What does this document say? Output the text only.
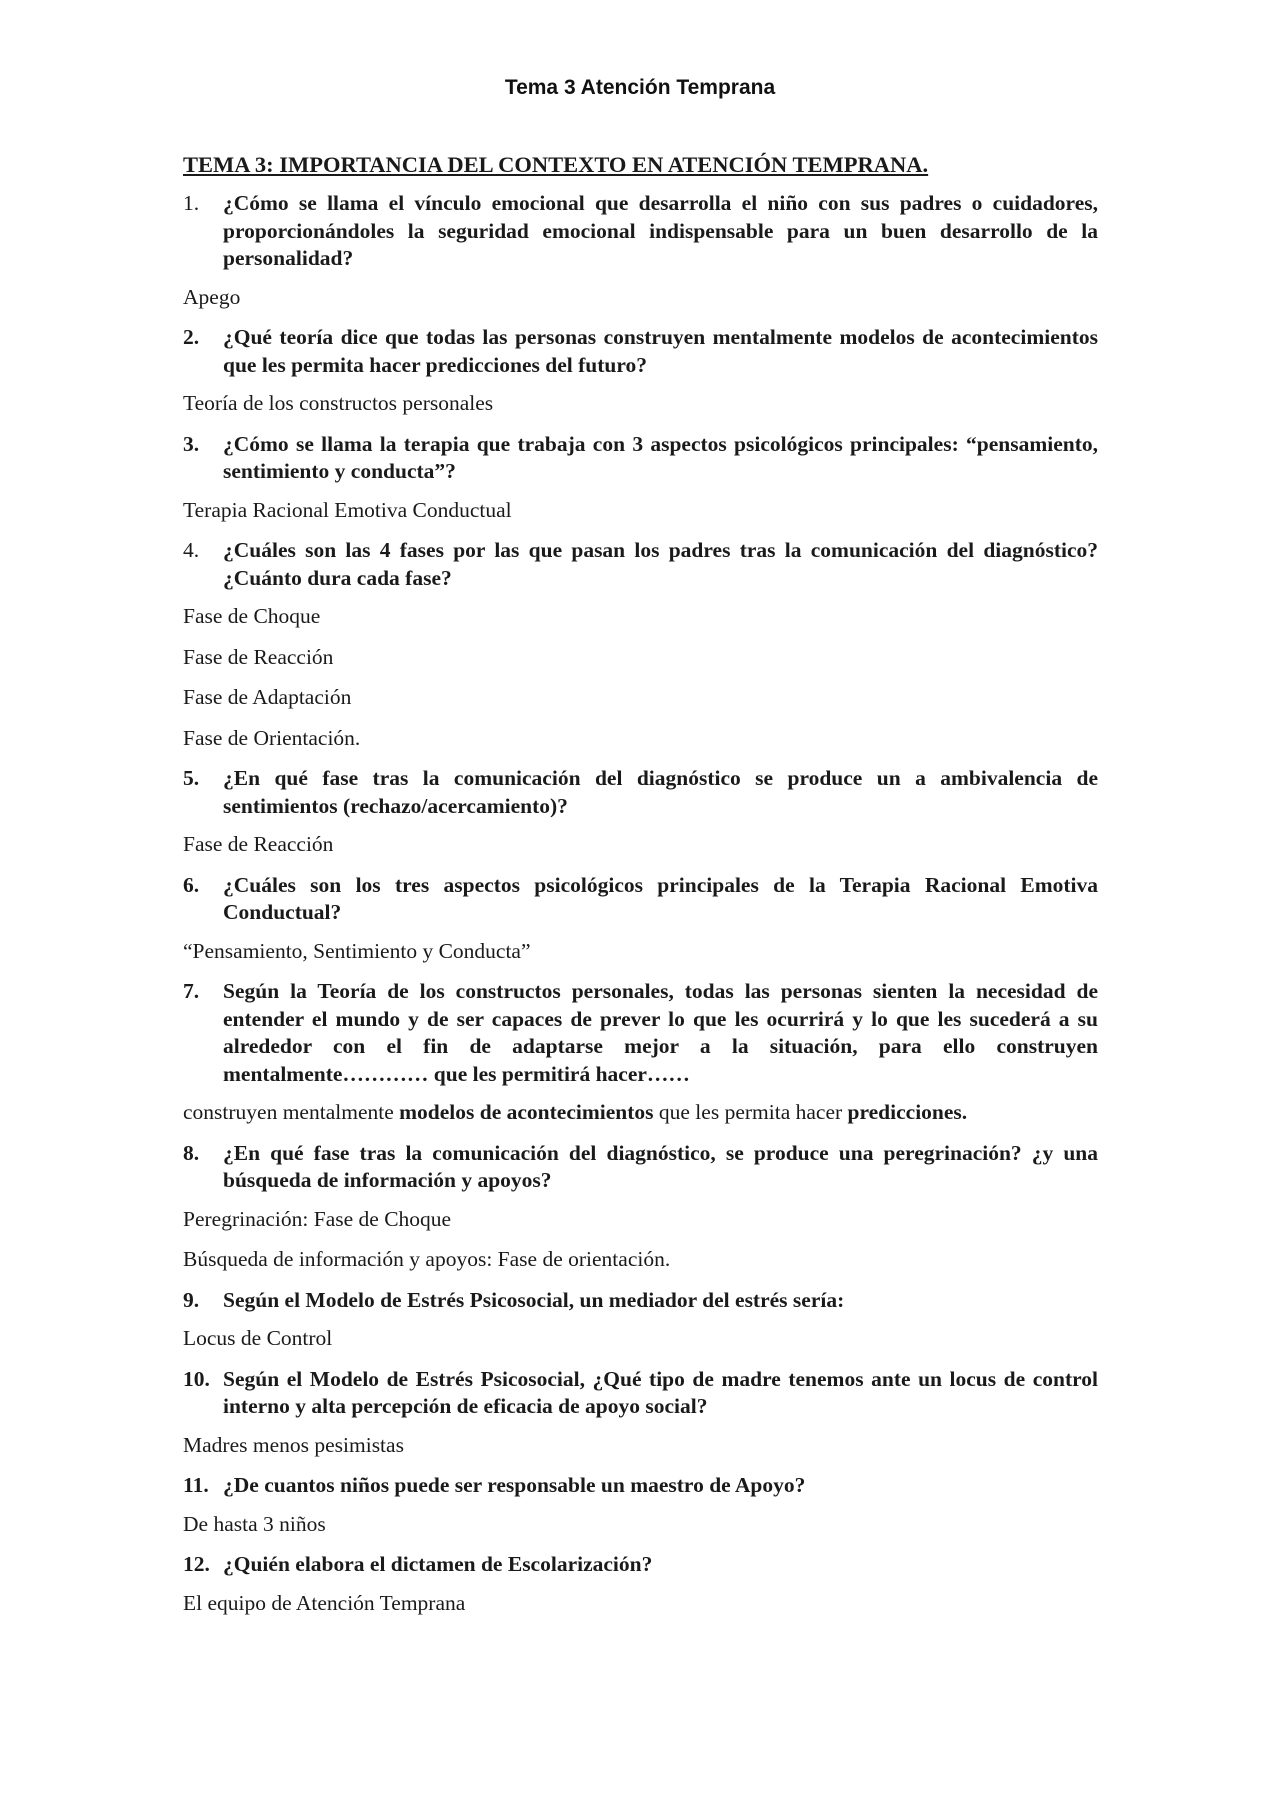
Tema 3 Atención Temprana
TEMA 3: IMPORTANCIA DEL CONTEXTO EN ATENCIÓN TEMPRANA.
1.	¿Cómo se llama el vínculo emocional que desarrolla el niño con sus padres o cuidadores, proporcionándoles la seguridad emocional indispensable para un buen desarrollo de la personalidad?
Apego
2.	¿Qué teoría dice que todas las personas construyen mentalmente modelos de acontecimientos que les permita hacer predicciones del futuro?
Teoría de los constructos personales
3.	¿Cómo se llama la terapia que trabaja con 3 aspectos psicológicos principales: “pensamiento, sentimiento y conducta”?
Terapia Racional Emotiva Conductual
4.	¿Cuáles son las 4 fases por las que pasan los padres tras la comunicación del diagnóstico? ¿Cuánto dura cada fase?
Fase de Choque
Fase de Reacción
Fase de Adaptación
Fase de Orientación.
5.	¿En qué fase tras la comunicación del diagnóstico se produce un a ambivalencia de sentimientos (rechazo/acercamiento)?
Fase de Reacción
6.	¿Cuáles son los tres aspectos psicológicos principales de la Terapia Racional Emotiva Conductual?
“Pensamiento, Sentimiento y Conducta”
7.	Según la Teoría de los constructos personales, todas las personas sienten la necesidad de entender el mundo y de ser capaces de prever lo que les ocurrirá y lo que les sucederá a su alrededor con el fin de adaptarse mejor a la situación, para ello construyen mentalmente………… que les permitirá hacer……
construyen mentalmente modelos de acontecimientos que les permita hacer predicciones.
8.	¿En qué fase tras la comunicación del diagnóstico, se produce una peregrinación? ¿y una búsqueda de información y apoyos?
Peregrinación: Fase de Choque
Búsqueda de información y apoyos: Fase de orientación.
9.	Según el Modelo de Estrés Psicosocial, un mediador del estrés sería:
Locus de Control
10. Según el Modelo de Estrés Psicosocial, ¿Qué tipo de madre tenemos ante un locus de control interno y alta percepción de eficacia de apoyo social?
Madres menos pesimistas
11. ¿De cuantos niños puede ser responsable un maestro de Apoyo?
De hasta 3 niños
12. ¿Quién elabora el dictamen de Escolarización?
El equipo de Atención Temprana
